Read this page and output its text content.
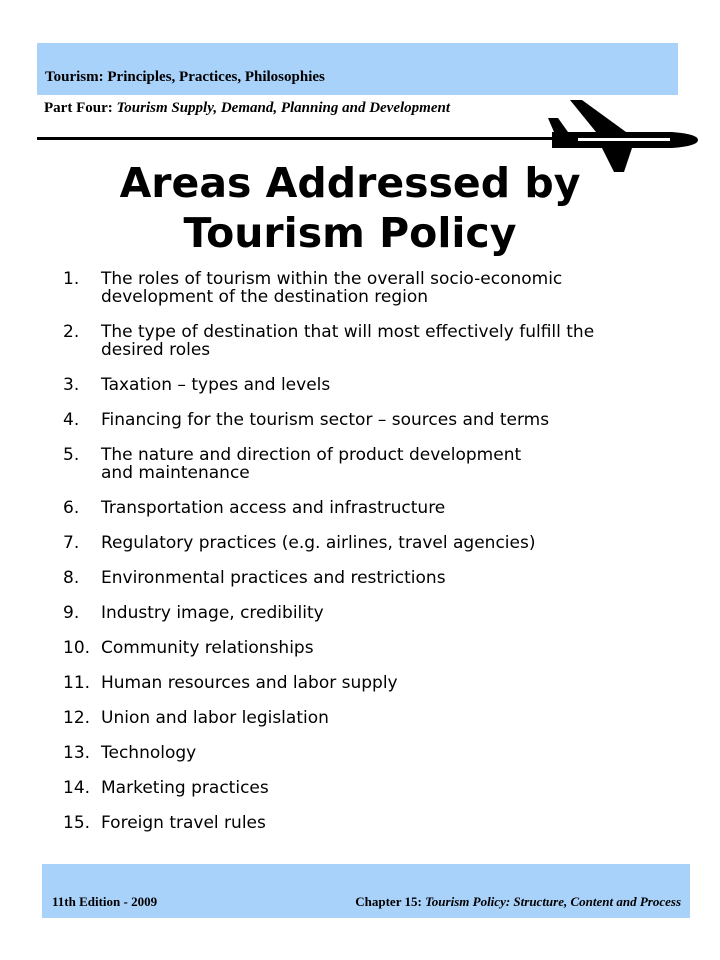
Tourism: Principles, Practices, Philosophies
Part Four: Tourism Supply, Demand, Planning and Development
Areas Addressed by
Tourism Policy
1. The roles of tourism within the overall socio-economic
development of the destination region
2. The type of destination that will most effectively fulfill the
desired roles
3. Taxation – types and levels
4. Financing for the tourism sector – sources and terms
5. The nature and direction of product development
and maintenance
6. Transportation access and infrastructure
7. Regulatory practices (e.g. airlines, travel agencies)
8. Environmental practices and restrictions
9. Industry image, credibility
10. Community relationships
11. Human resources and labor supply
12. Union and labor legislation
13. Technology
14. Marketing practices
15. Foreign travel rules
11th Edition - 2009	Chapter 15: Tourism Policy: Structure, Content and Process
